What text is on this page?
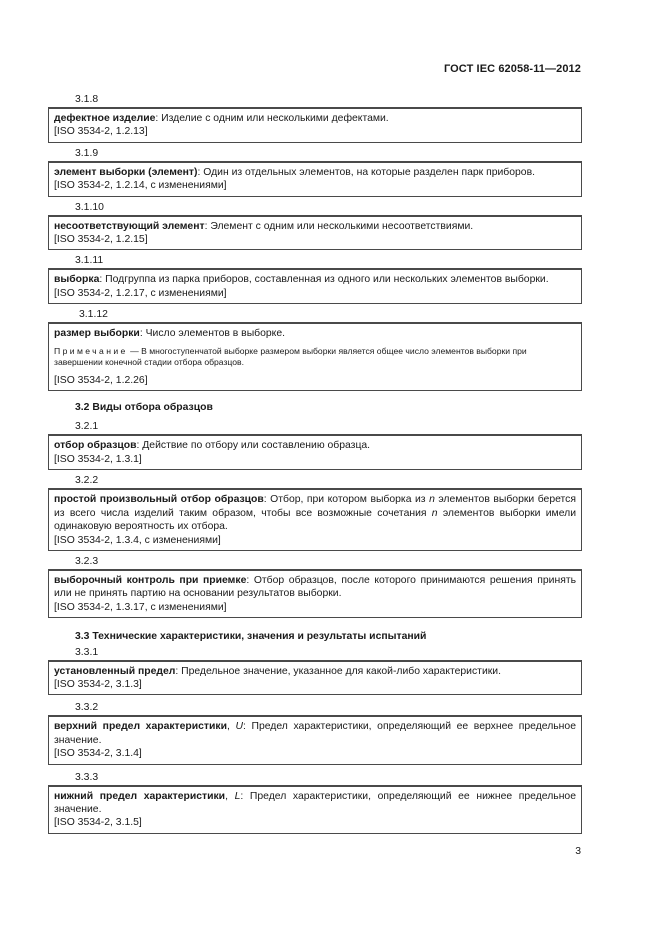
ГОСТ IEC 62058-11—2012
3.1.8

дефектное изделие: Изделие с одним или несколькими дефектами.

[ISO 3534-2, 1.2.13]

3.1.9

элемент выборки (элемент): Один из отдельных элементов, на которые разделен парк приборов.

[ISO 3534-2, 1.2.14, с изменениями]

3.1.10

несоответствующий элемент: Элемент с одним или несколькими несоответствиями.

[ISO 3534-2, 1.2.15]

3.1.11

выборка: Подгруппа из парка приборов, составленная из одного или нескольких элементов выборки.

[ISO 3534-2, 1.2.17, с изменениями]

3.1.12

размер выборки: Число элементов в выборке.

Примечание — В многоступенчатой выборке размером выборки является общее число элементов выборки при завершении конечной стадии отбора образцов.

[ISO 3534-2, 1.2.26]

3.2 Виды отбора образцов
3.2.1

отбор образцов: Действие по отбору или составлению образца.

[ISO 3534-2, 1.3.1]

3.2.2

простой произвольный отбор образцов: Отбор, при котором выборка из n элементов выборки берется из всего числа изделий таким образом, чтобы все возможные сочетания n элементов выборки имели одинаковую вероятность их отбора.

[ISO 3534-2, 1.3.4, с изменениями]

3.2.3

выборочный контроль при приемке: Отбор образцов, после которого принимаются решения принять или не принять партию на основании результатов выборки.

[ISO 3534-2, 1.3.17, с изменениями]

3.3 Технические характеристики, значения и результаты испытаний
3.3.1

установленный предел: Предельное значение, указанное для какой-либо характеристики.

[ISO 3534-2, 3.1.3]

3.3.2

верхний предел характеристики, U: Предел характеристики, определяющий ее верхнее предельное значение.

[ISO 3534-2, 3.1.4]

3.3.3

нижний предел характеристики, L: Предел характеристики, определяющий ее нижнее предельное значение.

[ISO 3534-2, 3.1.5]

3
